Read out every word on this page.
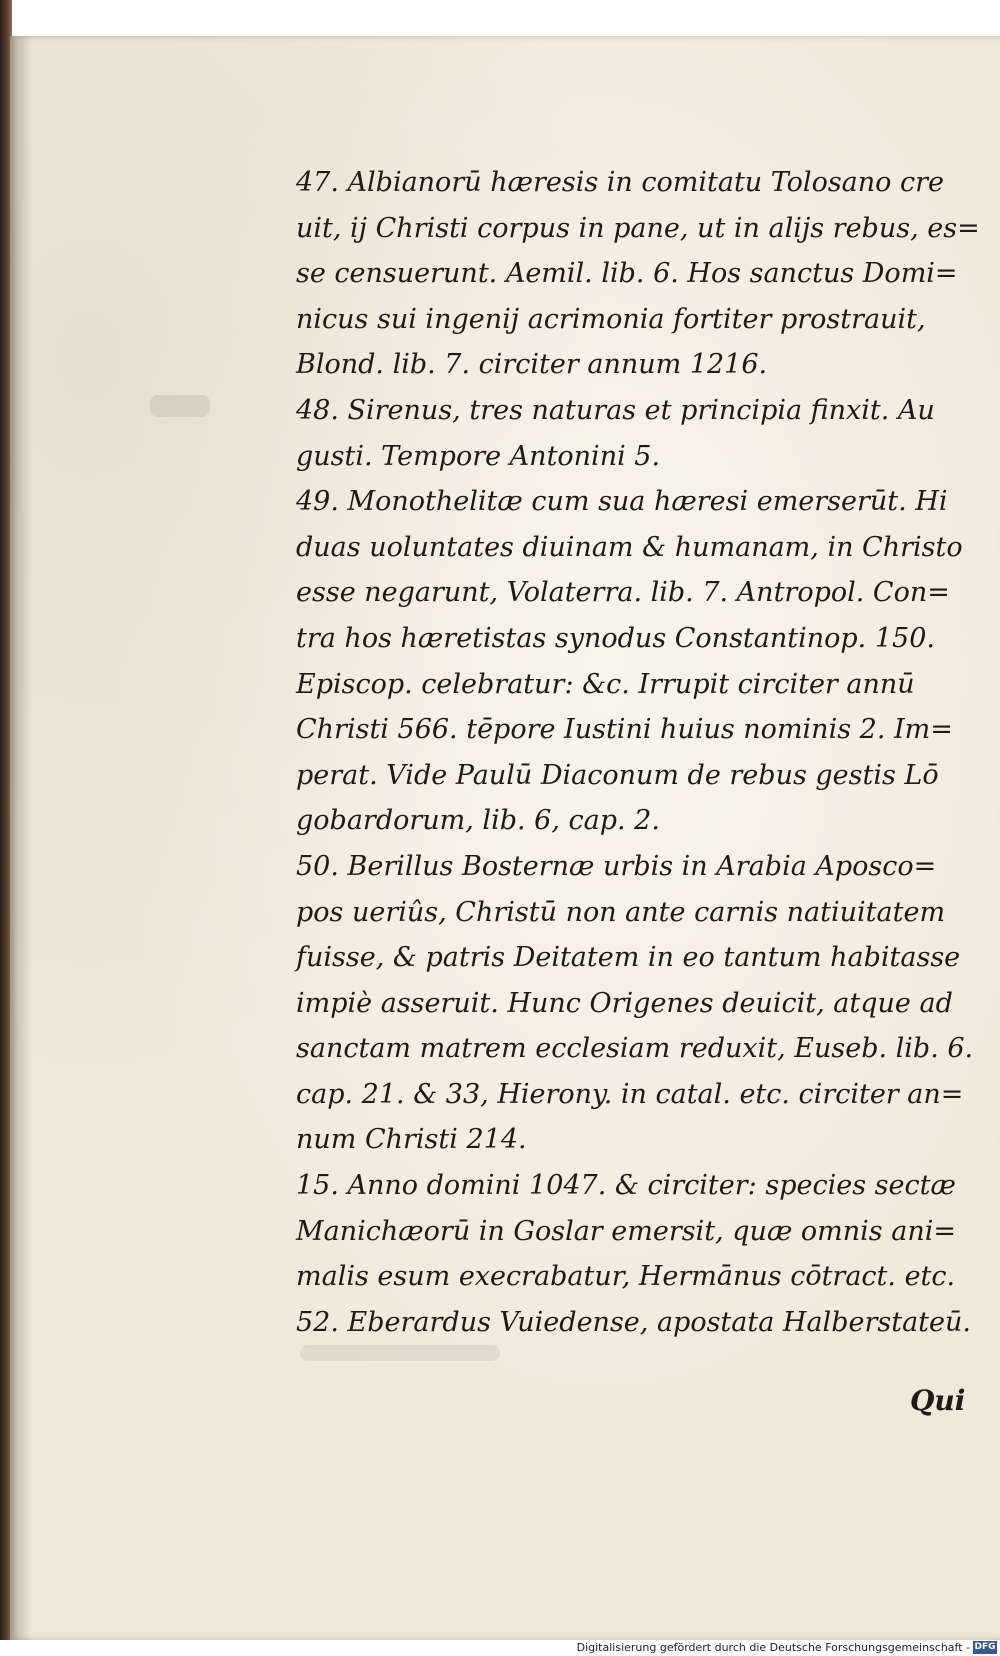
47. Albianorū hæresis in comitatu Tolosano cre
uit, ij Christi corpus in pane, ut in alijs rebus, es=
se censuerunt. Aemil. lib. 6. Hos sanctus Domi=
nicus sui ingenij acrimonia fortiter prostrauit,
Blond. lib. 7. circiter annum 1216.
48. Sirenus, tres naturas et principia finxit. Au
gusti. Tempore Antonini 5.
49. Monothelitæ cum sua hæresi emerserūt. Hi
duas uoluntates diuinam & humanam, in Christo
esse negarunt, Volaterra. lib. 7. Antropol. Con=
tra hos hæretistas synodus Constantinop. 150.
Episcop. celebratur: &c. Irrupit circiter annū
Christi 566. tēpore Iustini huius nominis 2. Im=
perat. Vide Paulū Diaconum de rebus gestis Lō
gobardorum, lib. 6, cap. 2.
50. Berillus Bosternæ urbis in Arabia Aposco=
pos ueriûs, Christū non ante carnis natiuitatem
fuisse, & patris Deitatem in eo tantum habitasse
impiè asseruit. Hunc Origenes deuicit, atque ad
sanctam matrem ecclesiam reduxit, Euseb. lib. 6.
cap. 21. & 33, Hierony. in catal. etc. circiter an=
num Christi 214.
15. Anno domini 1047. & circiter: species sectæ
Manichæorū in Goslar emersit, quæ omnis ani=
malis esum execrabatur, Hermānus cōtract. etc.
52. Eberardus Vuiedense, apostata Halberstateū.
Qui
Digitalisierung gefördert durch die Deutsche Forschungsgemeinschaft - DFG
